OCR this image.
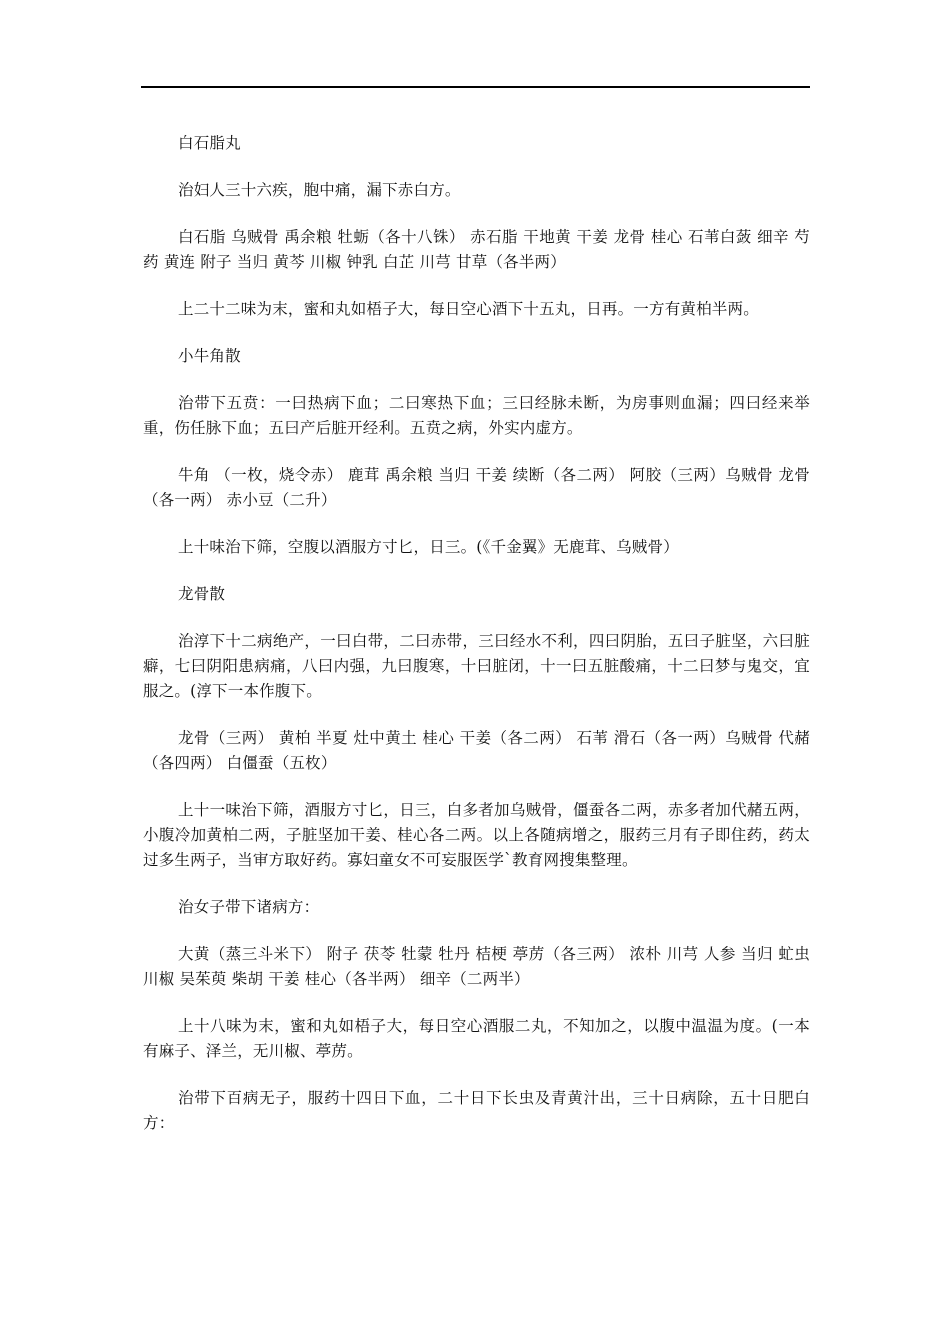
白石脂丸

治妇人三十六疾，胞中痛，漏下赤白方。

白石脂 乌贼骨 禹余粮 牡蛎（各十八铢） 赤石脂 干地黄 干姜 龙骨 桂心 石苇白蔹 细辛 芍药 黄连 附子 当归 黄芩 川椒 钟乳 白芷 川芎 甘草（各半两）

上二十二味为末，蜜和丸如梧子大，每日空心酒下十五丸，日再。一方有黄柏半两。

小牛角散

治带下五贲：一曰热病下血；二曰寒热下血；三曰经脉未断，为房事则血漏；四曰经来举重，伤任脉下血；五曰产后脏开经利。五贲之病，外实内虚方。

牛角 （一枚，烧令赤） 鹿茸 禹余粮 当归 干姜 续断（各二两） 阿胶（三两）乌贼骨 龙骨（各一两） 赤小豆（二升）

上十味治下筛，空腹以酒服方寸匕，日三。(《千金翼》无鹿茸、乌贼骨）

龙骨散

治淳下十二病绝产，一曰白带，二曰赤带，三曰经水不利，四曰阴胎，五曰子脏坚，六曰脏癖，七曰阴阳患病痛，八曰内强，九曰腹寒，十曰脏闭，十一曰五脏酸痛，十二曰梦与鬼交，宜服之。(淳下一本作腹下。

龙骨（三两） 黄柏 半夏 灶中黄土 桂心 干姜（各二两） 石苇 滑石（各一两）乌贼骨 代赭（各四两） 白僵蚕（五枚）

上十一味治下筛，酒服方寸匕，日三，白多者加乌贼骨，僵蚕各二两，赤多者加代赭五两，小腹冷加黄柏二两，子脏坚加干姜、桂心各二两。以上各随病增之，服药三月有子即住药，药太过多生两子，当审方取好药。寡妇童女不可妄服医学`教育网搜集整理。

治女子带下诸病方：

大黄（蒸三斗米下） 附子 茯苓 牡蒙 牡丹 桔梗 葶苈（各三两） 浓朴 川芎 人参 当归 虻虫 川椒 吴茱萸 柴胡 干姜 桂心（各半两） 细辛（二两半）

上十八味为末，蜜和丸如梧子大，每日空心酒服二丸，不知加之，以腹中温温为度。(一本有麻子、泽兰，无川椒、葶苈。

治带下百病无子，服药十四日下血，二十日下长虫及青黄汁出，三十日病除，五十日肥白方：
